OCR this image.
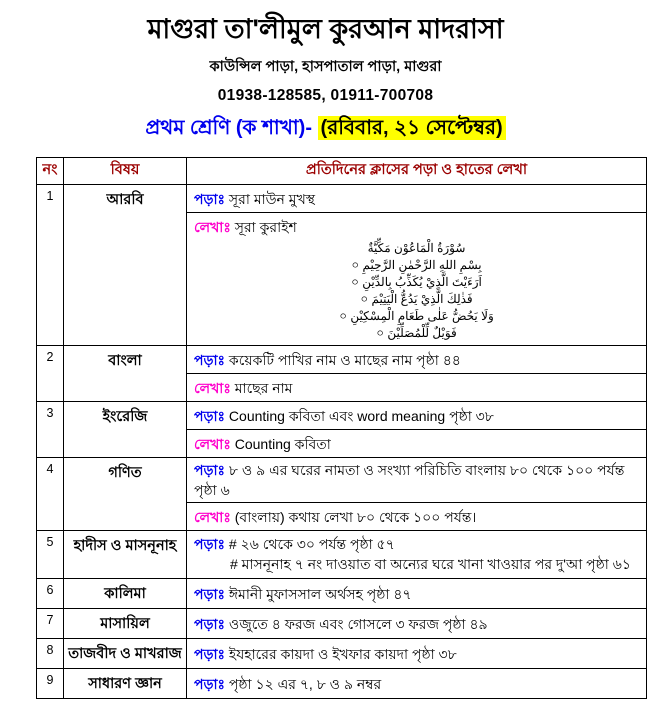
মাগুরা তা'লীমুল কুরআন মাদরাসা
কাউন্সিল পাড়া, হাসপাতাল পাড়া, মাগুরা
01938-128585, 01911-700708
প্রথম শ্রেণি (ক শাখা)- (রবিবার, ২১ সেপ্টেম্বর)
নং	বিষয়	প্রতিদিনের ক্লাসের পড়া ও হাতের লেখা
1	আরবি	পড়াঃ সূরা মাউন মুখস্থ

লেখাঃ সূরা কুরাইশ
سُوْرَةُ الْمَاعُوْن مَكِّيَّةٌ
بِسْمِ اللهِ الرَّحْمٰنِ الرَّحِيْمِ ০
اَرَءَيْتَ الَّذِيْ يُكَذِّبُ بِالدِّيْنِ ০
فَذٰلِكَ الَّذِيْ يَدُعُّ الْيَتِيْمَ ০
وَلَا يَحُضُّ عَلٰى طَعَامِ الْمِسْكِيْنِ ০
فَوَيْلٌ لِّلْمُصَلِّيْنَ ০

2	বাংলা	পড়াঃ কয়েকটি পাখির নাম ও মাছের নাম পৃষ্ঠা ৪৪
		লেখাঃ মাছের নাম
3	ইংরেজি	পড়াঃ Counting কবিতা এবং word meaning পৃষ্ঠা ৩৮
		লেখাঃ Counting কবিতা
4	গণিত	পড়াঃ ৮ ও ৯ এর ঘরের নামতা ও সংখ্যা পরিচিতি বাংলায় ৮০ থেকে ১০০ পর্যন্ত পৃষ্ঠা ৬
		লেখাঃ (বাংলায়) কথায় লেখা ৮০ থেকে ১০০ পর্যন্ত।
5	হাদীস ও মাসনূনাহ	পড়াঃ # ২৬ থেকে ৩০ পর্যন্ত পৃষ্ঠা ৫৭
# মাসনূনাহ ৭ নং দাওয়াত বা অন্যের ঘরে খানা খাওয়ার পর দু'আ পৃষ্ঠা ৬১

6	কালিমা	পড়াঃ ঈমানী মুফাসসাল অর্থসহ পৃষ্ঠা ৪৭
7	মাসায়িল	পড়াঃ ওজুতে ৪ ফরজ এবং গোসলে ৩ ফরজ পৃষ্ঠা ৪৯
8	তাজবীদ ও মাখরাজ	পড়াঃ ইযহারের কায়দা ও ইখফার কায়দা পৃষ্ঠা ৩৮
9	সাধারণ জ্ঞান	পড়াঃ পৃষ্ঠা ১২ এর ৭, ৮ ও ৯ নম্বর
